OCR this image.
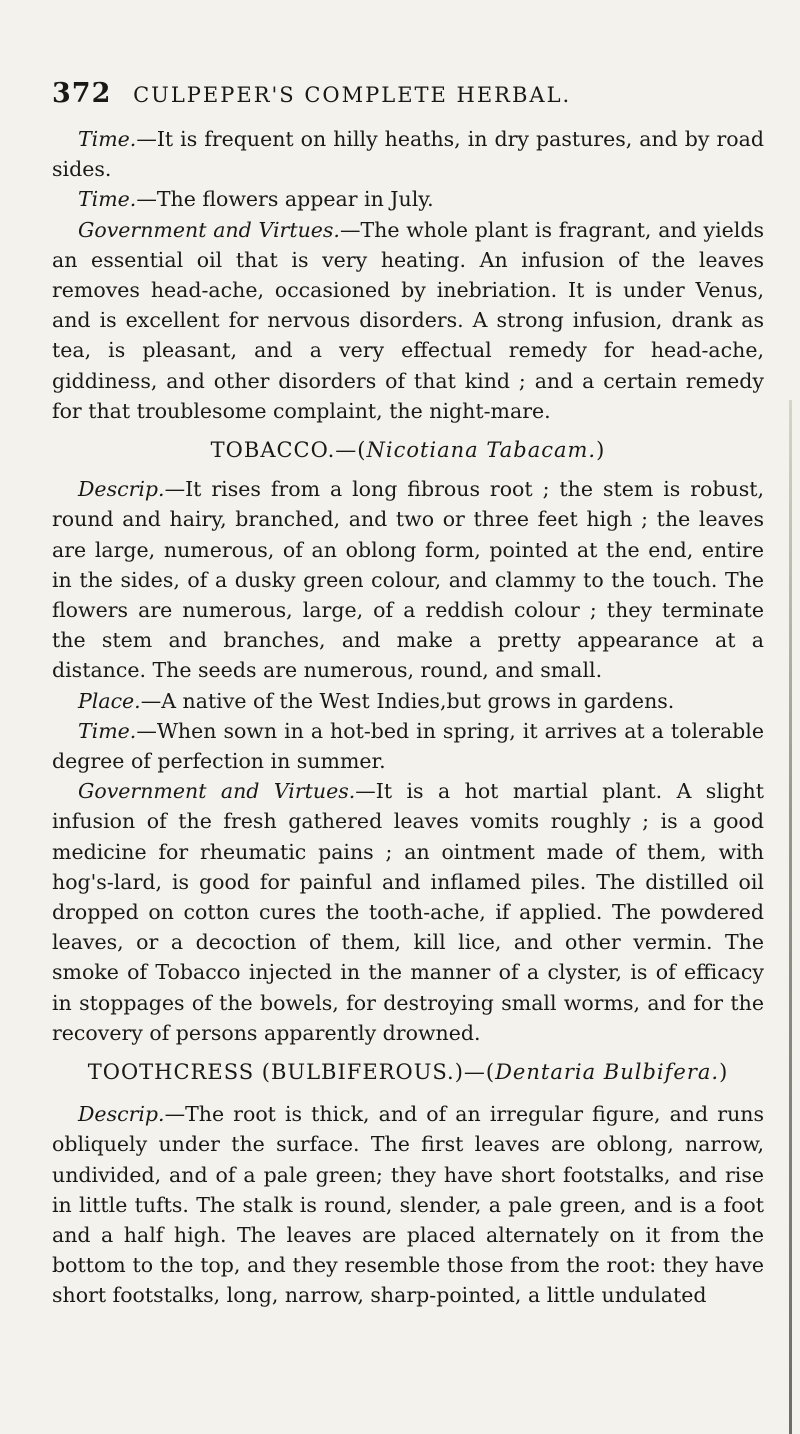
372 CULPEPER'S COMPLETE HERBAL.

Time.—It is frequent on hilly heaths, in dry pastures, and by road sides.

Time.—The flowers appear in July.

Government and Virtues.—The whole plant is fragrant, and yields an essential oil that is very heating. An infusion of the leaves removes head-ache, occasioned by inebriation. It is under Venus, and is excellent for nervous disorders. A strong infusion, drank as tea, is pleasant, and a very effectual remedy for head-ache, giddiness, and other disorders of that kind ; and a certain remedy for that troublesome complaint, the night-mare.

TOBACCO.—(Nicotiana Tabacam.)

Descrip.—It rises from a long fibrous root ; the stem is robust, round and hairy, branched, and two or three feet high ; the leaves are large, numerous, of an oblong form, pointed at the end, entire in the sides, of a dusky green colour, and clammy to the touch. The flowers are numerous, large, of a reddish colour ; they terminate the stem and branches, and make a pretty appearance at a distance. The seeds are numerous, round, and small.

Place.—A native of the West Indies,but grows in gardens.

Time.—When sown in a hot-bed in spring, it arrives at a tolerable degree of perfection in summer.

Government and Virtues.—It is a hot martial plant. A slight infusion of the fresh gathered leaves vomits roughly ; is a good medicine for rheumatic pains ; an ointment made of them, with hog's-lard, is good for painful and inflamed piles. The distilled oil dropped on cotton cures the tooth-ache, if applied. The powdered leaves, or a decoction of them, kill lice, and other vermin. The smoke of Tobacco injected in the manner of a clyster, is of efficacy in stoppages of the bowels, for destroying small worms, and for the recovery of persons apparently drowned.

TOOTHCRESS (BULBIFEROUS.)—(Dentaria Bulbifera.)

Descrip.—The root is thick, and of an irregular figure, and runs obliquely under the surface. The first leaves are oblong, narrow, undivided, and of a pale green; they have short footstalks, and rise in little tufts. The stalk is round, slender, a pale green, and is a foot and a half high. The leaves are placed alternately on it from the bottom to the top, and they resemble those from the root: they have short footstalks, long, narrow, sharp-pointed, a little undulated
